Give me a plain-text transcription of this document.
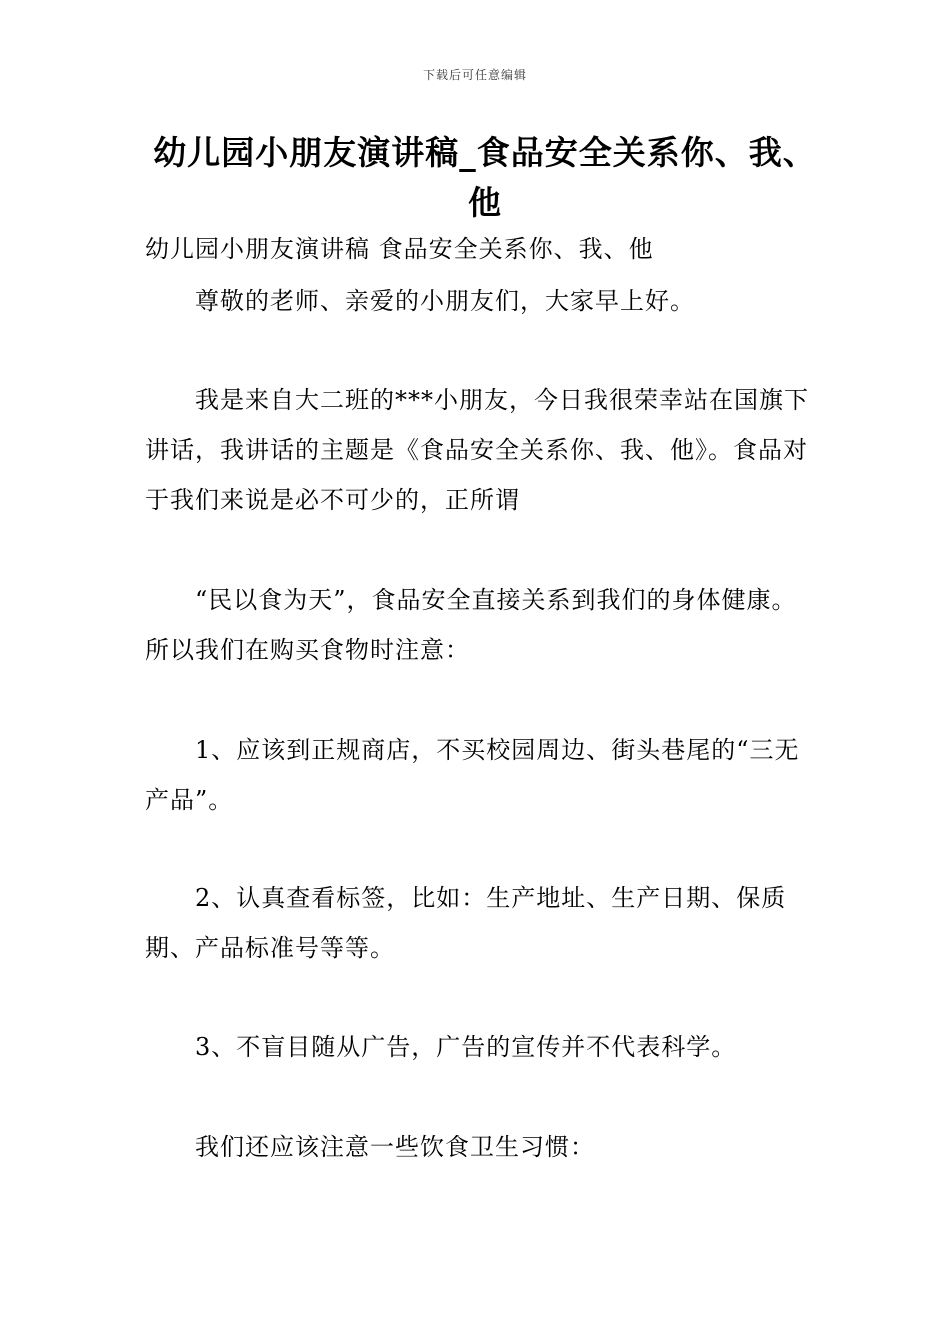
下载后可任意编辑
幼儿园小朋友演讲稿_食品安全关系你、我、他

幼儿园小朋友演讲稿 食品安全关系你、我、他

尊敬的老师、亲爱的小朋友们，大家早上好。

我是来自大二班的***小朋友，今日我很荣幸站在国旗下讲话，我讲话的主题是《食品安全关系你、我、他》。食品对于我们来说是必不可少的，正所谓

“民以食为天”，食品安全直接关系到我们的身体健康。所以我们在购买食物时注意：

1、应该到正规商店，不买校园周边、街头巷尾的“三无产品”。

2、认真查看标签，比如：生产地址、生产日期、保质期、产品标准号等等。

3、不盲目随从广告，广告的宣传并不代表科学。

我们还应该注意一些饮食卫生习惯：
